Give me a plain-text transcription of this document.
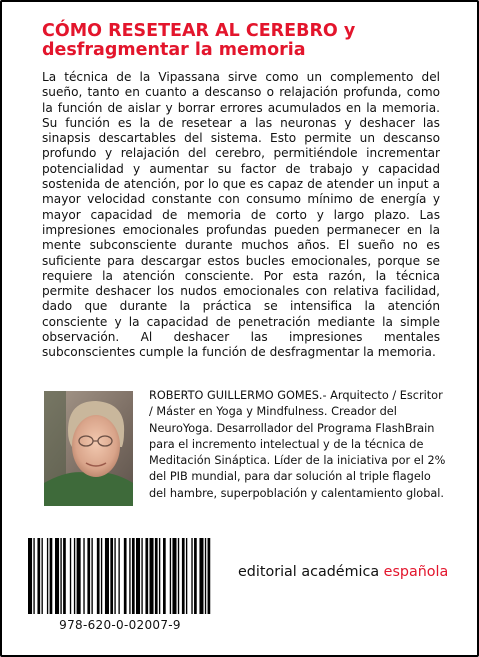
CÓMO RESETEAR AL CEREBRO y
desfragmentar la memoria

La técnica de la Vipassana sirve como un complemento del sueño, tanto en cuanto a descanso o relajación profunda, como la función de aislar y borrar errores acumulados en la memoria. Su función es la de resetear a las neuronas y deshacer las sinapsis descartables del sistema. Esto permite un descanso profundo y relajación del cerebro, permitiéndole incrementar potencialidad y aumentar su factor de trabajo y capacidad sostenida de atención, por lo que es capaz de atender un input a mayor velocidad constante con consumo mínimo de energía y mayor capacidad de memoria de corto y largo plazo. Las impresiones emocionales profundas pueden permanecer en la mente subconsciente durante muchos años. El sueño no es suficiente para descargar estos bucles emocionales, porque se requiere la atención consciente. Por esta razón, la técnica permite deshacer los nudos emocionales con relativa facilidad, dado que durante la práctica se intensifica la atención consciente y la capacidad de penetración mediante la simple observación. Al deshacer las impresiones mentales subconscientes cumple la función de desfragmentar la memoria.

ROBERTO GUILLERMO GOMES.- Arquitecto / Escritor / Máster en Yoga y Mindfulness. Creador del NeuroYoga. Desarrollador del Programa FlashBrain para el incremento intelectual y de la técnica de Meditación Sináptica. Líder de la iniciativa por el 2% del PIB mundial, para dar solución al triple flagelo del hambre, superpoblación y calentamiento global.

978-620-0-02007-9
editorial académica española
